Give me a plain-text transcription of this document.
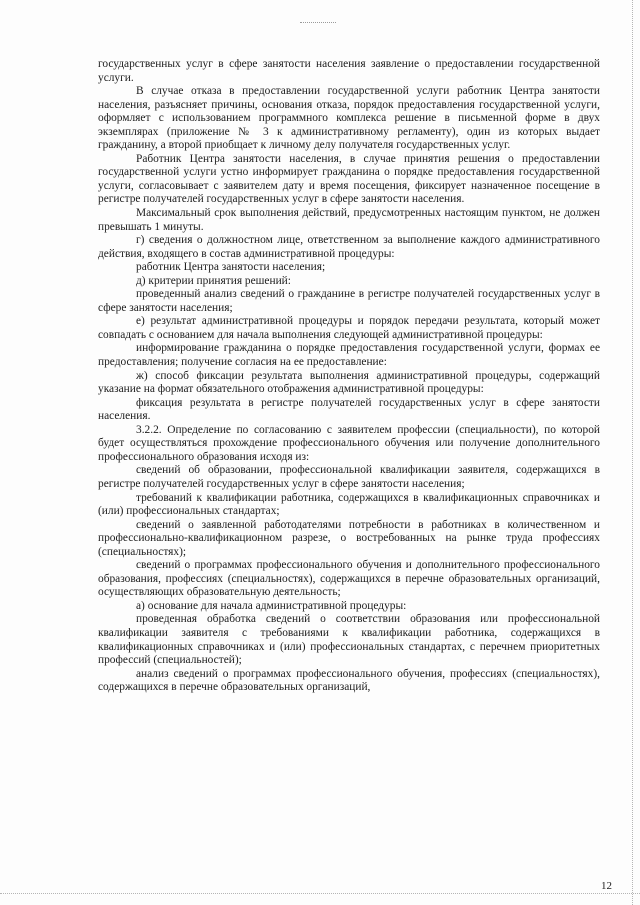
государственных услуг в сфере занятости населения заявление о предоставлении государственной услуги.

В случае отказа в предоставлении государственной услуги работник Центра занятости населения, разъясняет причины, основания отказа, порядок предоставления государственной услуги, оформляет с использованием программного комплекса решение в письменной форме в двух экземплярах (приложение № 3 к административному регламенту), один из которых выдает гражданину, а второй приобщает к личному делу получателя государственных услуг.

Работник Центра занятости населения, в случае принятия решения о предоставлении государственной услуги устно информирует гражданина о порядке предоставления государственной услуги, согласовывает с заявителем дату и время посещения, фиксирует назначенное посещение в регистре получателей государственных услуг в сфере занятости населения.

Максимальный срок выполнения действий, предусмотренных настоящим пунктом, не должен превышать 1 минуты.

г) сведения о должностном лице, ответственном за выполнение каждого административного действия, входящего в состав административной процедуры:

работник Центра занятости населения;

д) критерии принятия решений:

проведенный анализ сведений о гражданине в регистре получателей государственных услуг в сфере занятости населения;

е) результат административной процедуры и порядок передачи результата, который может совпадать с основанием для начала выполнения следующей административной процедуры:

информирование гражданина о порядке предоставления государственной услуги, формах ее предоставления; получение согласия на ее предоставление:

ж) способ фиксации результата выполнения административной процедуры, содержащий указание на формат обязательного отображения административной процедуры:

фиксация результата в регистре получателей государственных услуг в сфере занятости населения.

3.2.2. Определение по согласованию с заявителем профессии (специальности), по которой будет осуществляться прохождение профессионального обучения или получение дополнительного профессионального образования исходя из:

сведений об образовании, профессиональной квалификации заявителя, содержащихся в регистре получателей государственных услуг в сфере занятости населения;

требований к квалификации работника, содержащихся в квалификационных справочниках и (или) профессиональных стандартах;

сведений о заявленной работодателями потребности в работниках в количественном и профессионально-квалификационном разрезе, о востребованных на рынке труда профессиях (специальностях);

сведений о программах профессионального обучения и дополнительного профессионального образования, профессиях (специальностях), содержащихся в перечне образовательных организаций, осуществляющих образовательную деятельность;

а) основание для начала административной процедуры:

проведенная обработка сведений о соответствии образования или профессиональной квалификации заявителя с требованиями к квалификации работника, содержащихся в квалификационных справочниках и (или) профессиональных стандартах, с перечнем приоритетных профессий (специальностей);

анализ сведений о программах профессионального обучения, профессиях (специальностях), содержащихся в перечне образовательных организаций,

12
